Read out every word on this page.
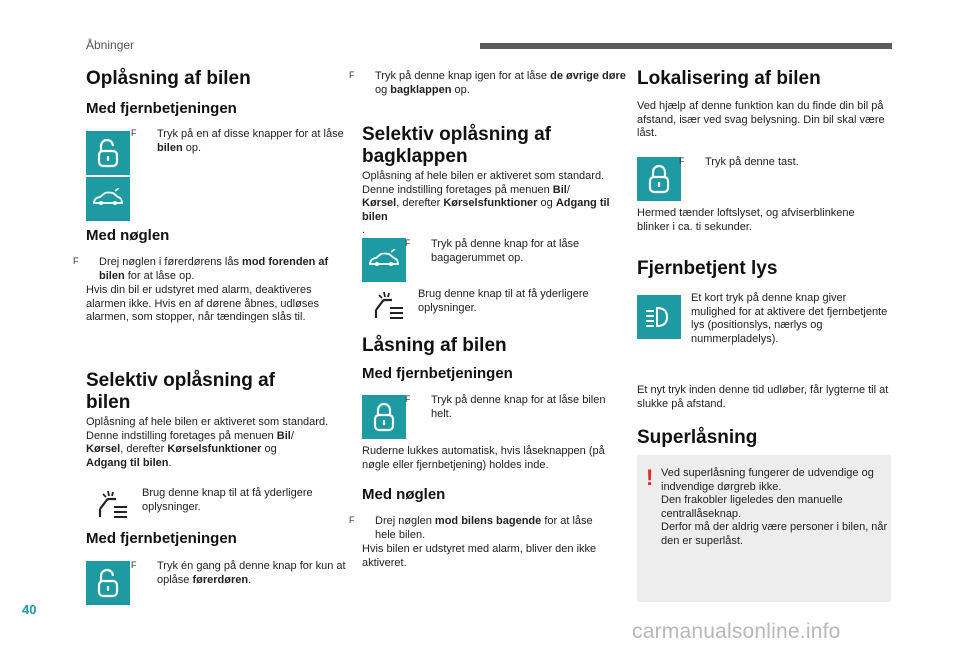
Åbninger
Oplåsning af bilen
Med fjernbetjeningen
F Tryk på en af disse knapper for at låse bilen op.
Med nøglen
F Drej nøglen i førerdørens lås mod forenden af bilen for at låse op.
Hvis din bil er udstyret med alarm, deaktiveres alarmen ikke. Hvis en af dørene åbnes, udløses alarmen, som stopper, når tændingen slås til.
Selektiv oplåsning af
bilen
Oplåsning af hele bilen er aktiveret som standard.
Denne indstilling foretages på menuen Bil/
Kørsel, derefter Kørselsfunktioner og
Adgang til bilen.
Brug denne knap til at få yderligere oplysninger.
Med fjernbetjeningen
F Tryk én gang på denne knap for kun at oplåse førerdøren.
F Tryk på denne knap igen for at låse de øvrige døre og bagklappen op.
Selektiv oplåsning af
bagklappen
Oplåsning af hele bilen er aktiveret som standard.
Denne indstilling foretages på menuen Bil/
Kørsel, derefter Kørselsfunktioner og Adgang til bilen
.
F Tryk på denne knap for at låse bagagerummet op.
Brug denne knap til at få yderligere oplysninger.
Låsning af bilen
Med fjernbetjeningen
F Tryk på denne knap for at låse bilen helt.
Ruderne lukkes automatisk, hvis låseknappen (på nøgle eller fjernbetjening) holdes inde.
Med nøglen
F Drej nøglen mod bilens bagende for at låse hele bilen.
Hvis bilen er udstyret med alarm, bliver den ikke aktiveret.
Lokalisering af bilen
Ved hjælp af denne funktion kan du finde din bil på afstand, især ved svag belysning. Din bil skal være låst.
F Tryk på denne tast.
Hermed tænder loftslyset, og afviserblinkene blinker i ca. ti sekunder.
Fjernbetjent lys
Et kort tryk på denne knap giver mulighed for at aktivere det fjernbetjente lys (positionslys, nærlys og nummerpladelys).
Et nyt tryk inden denne tid udløber, får lygterne til at slukke på afstand.
Superlåsning
! Ved superlåsning fungerer de udvendige og indvendige dørgreb ikke.
Den frakobler ligeledes den manuelle centrallåseknap.
Derfor må der aldrig være personer i bilen, når den er superlåst.
40
carmanualsonline.info
